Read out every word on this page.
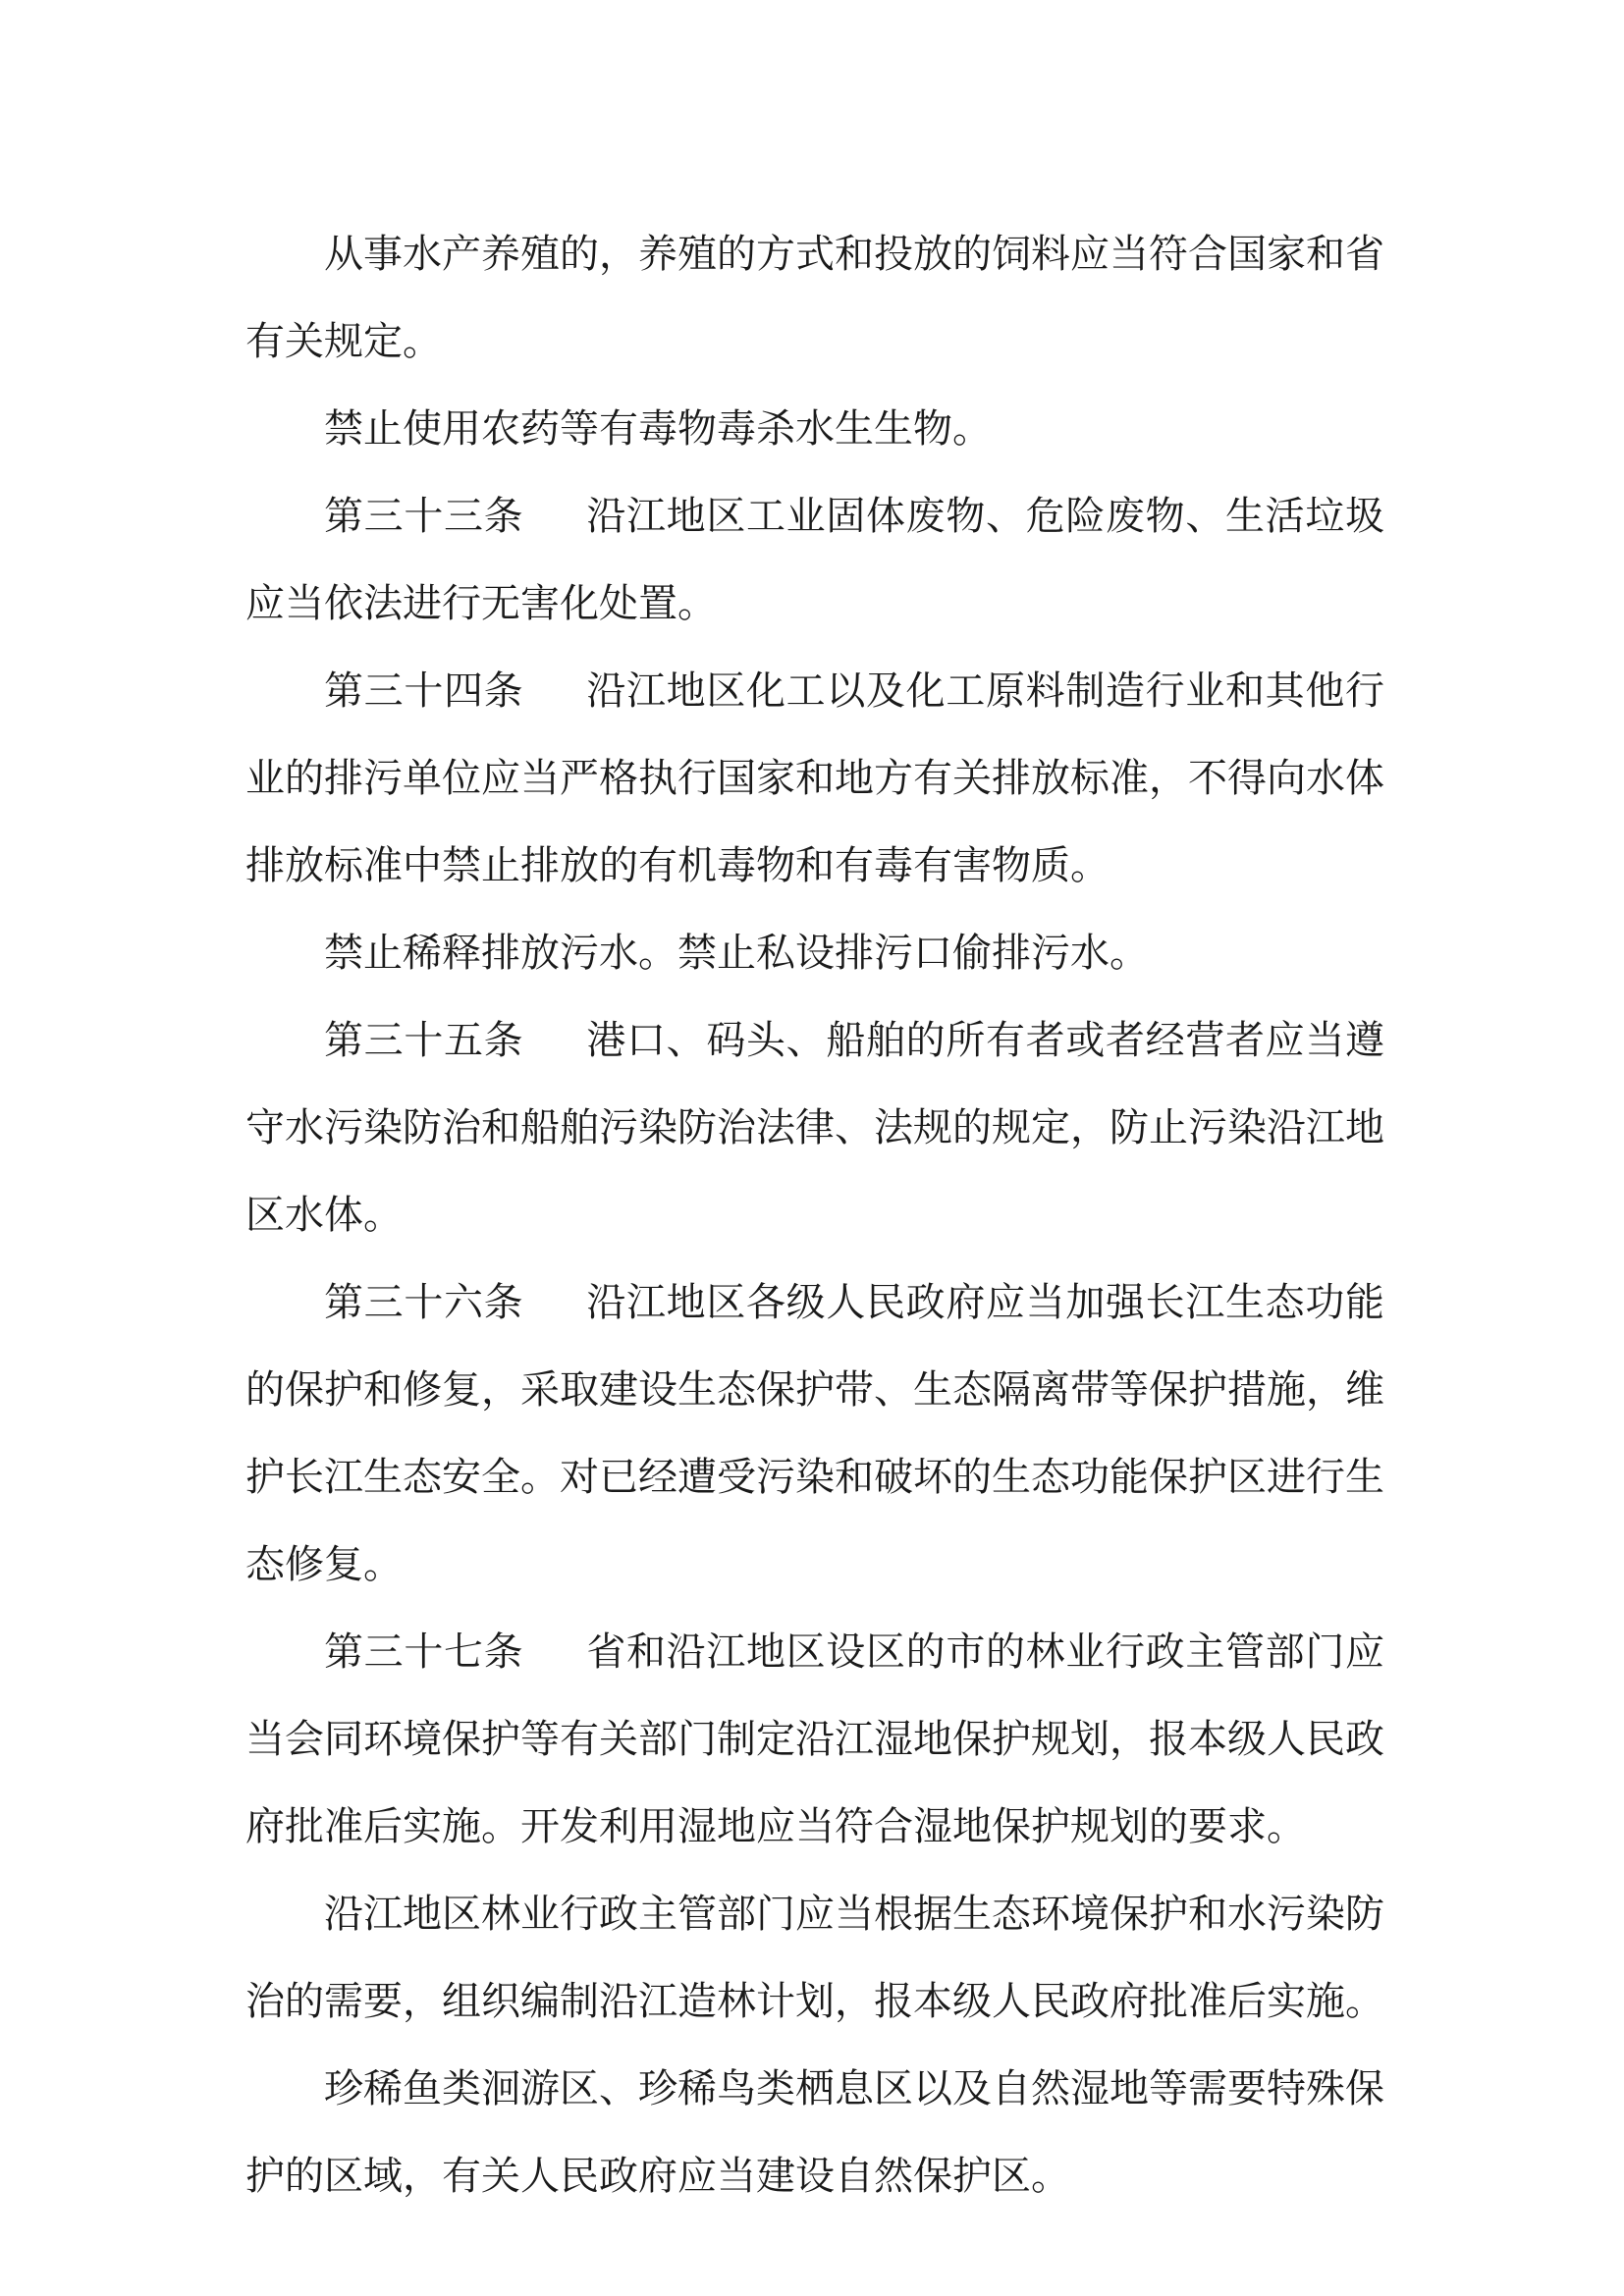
从事水产养殖的，养殖的方式和投放的饲料应当符合国家和省有关规定。

禁止使用农药等有毒物毒杀水生生物。

第三十三条 沿江地区工业固体废物、危险废物、生活垃圾应当依法进行无害化处置。

第三十四条 沿江地区化工以及化工原料制造行业和其他行业的排污单位应当严格执行国家和地方有关排放标准，不得向水体排放标准中禁止排放的有机毒物和有毒有害物质。

禁止稀释排放污水。禁止私设排污口偷排污水。

第三十五条 港口、码头、船舶的所有者或者经营者应当遵守水污染防治和船舶污染防治法律、法规的规定，防止污染沿江地区水体。

第三十六条 沿江地区各级人民政府应当加强长江生态功能的保护和修复，采取建设生态保护带、生态隔离带等保护措施，维护长江生态安全。对已经遭受污染和破坏的生态功能保护区进行生态修复。

第三十七条 省和沿江地区设区的市的林业行政主管部门应当会同环境保护等有关部门制定沿江湿地保护规划，报本级人民政府批准后实施。开发利用湿地应当符合湿地保护规划的要求。

沿江地区林业行政主管部门应当根据生态环境保护和水污染防治的需要，组织编制沿江造林计划，报本级人民政府批准后实施。

珍稀鱼类洄游区、珍稀鸟类栖息区以及自然湿地等需要特殊保护的区域，有关人民政府应当建设自然保护区。
